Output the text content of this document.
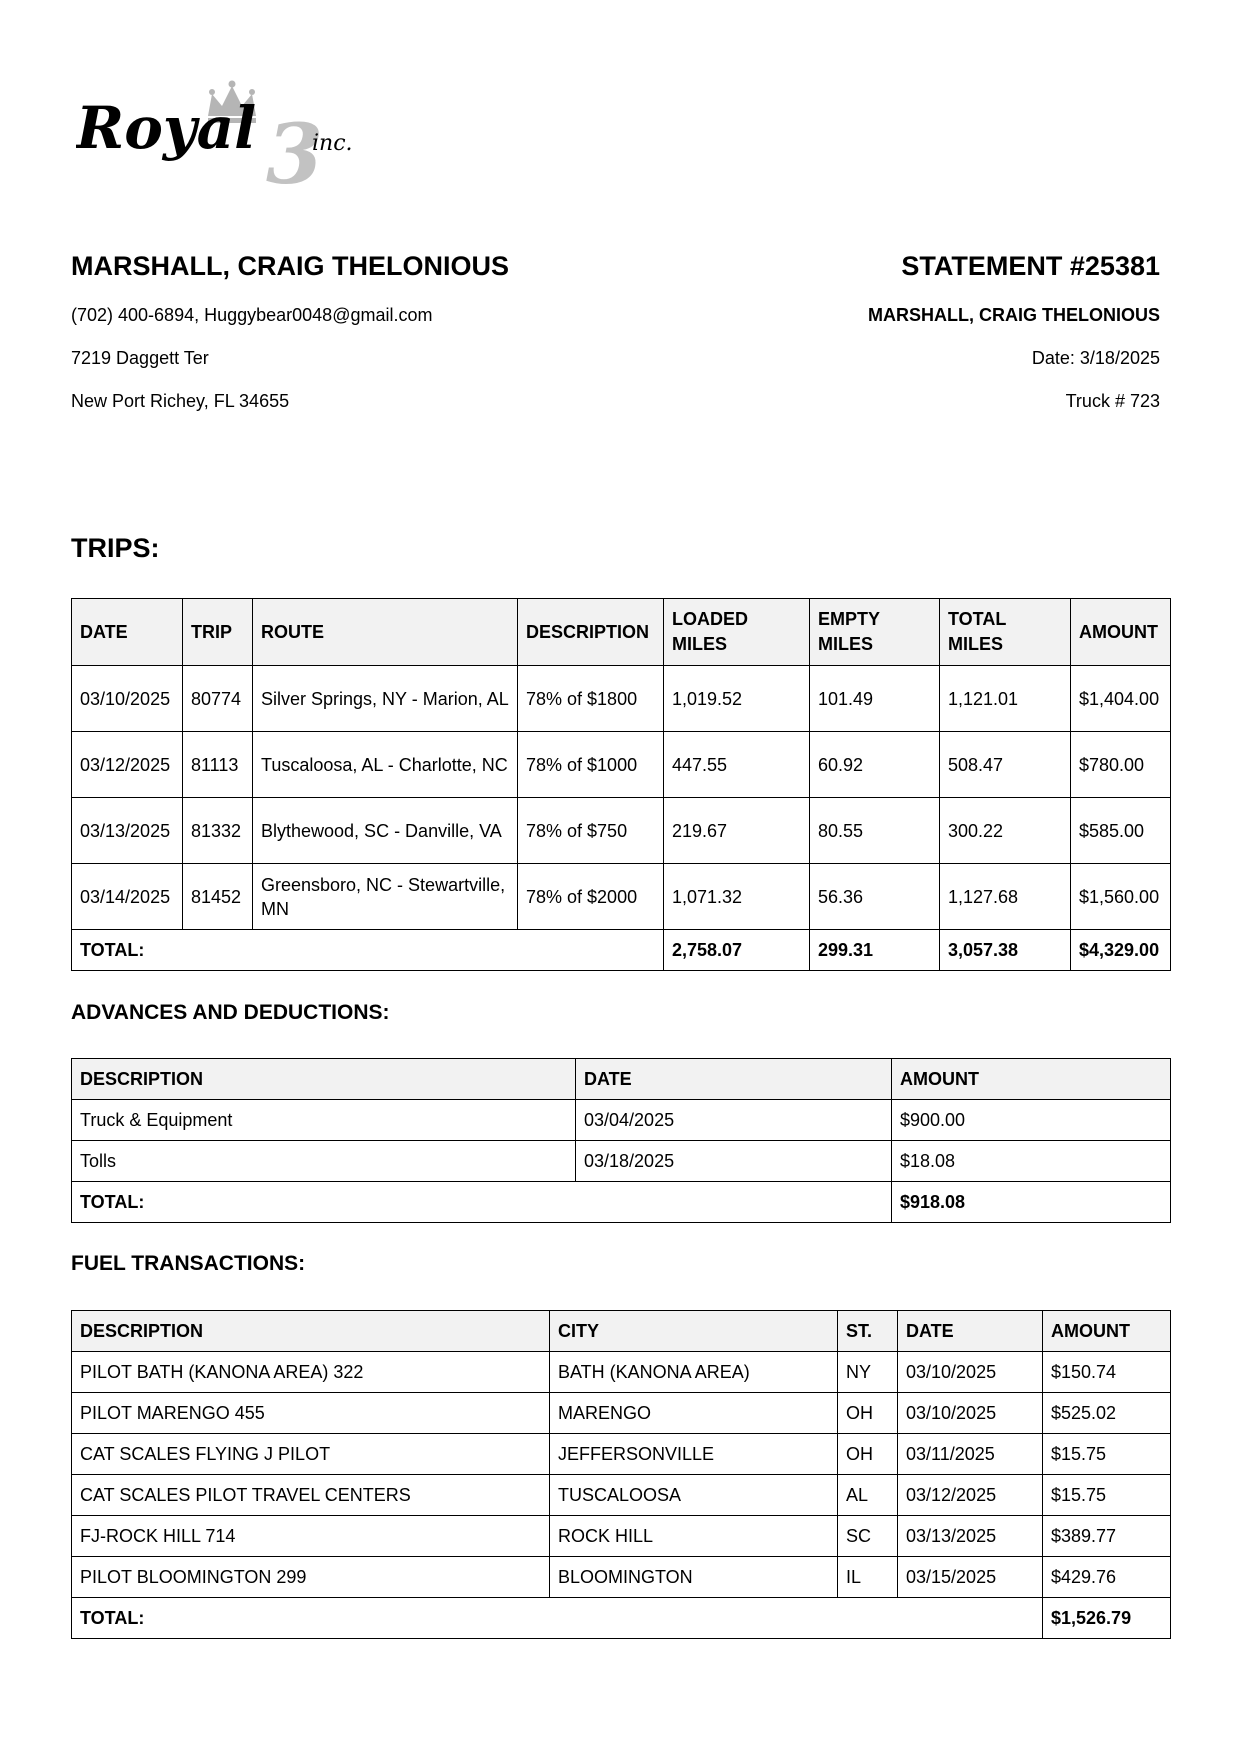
3
Royal	inc.
MARSHALL, CRAIG THELONIOUS

(702) 400-6894, Huggybear0048@gmail.com

7219 Daggett Ter

New Port Richey, FL 34655

STATEMENT #25381

MARSHALL, CRAIG THELONIOUS

Date: 3/18/2025

Truck # 723

TRIPS:
DATE	TRIP	ROUTE	DESCRIPTION	LOADED MILES	EMPTY MILES	TOTAL MILES	AMOUNT
03/10/2025	80774	Silver Springs, NY - Marion, AL	78% of $1800	1,019.52	101.49	1,121.01	$1,404.00
03/12/2025	81113	Tuscaloosa, AL - Charlotte, NC	78% of $1000	447.55	60.92	508.47	$780.00
03/13/2025	81332	Blythewood, SC - Danville, VA	78% of $750	219.67	80.55	300.22	$585.00
03/14/2025	81452	Greensboro, NC - Stewartville, MN	78% of $2000	1,071.32	56.36	1,127.68	$1,560.00
TOTAL:				2,758.07	299.31	3,057.38	$4,329.00
ADVANCES AND DEDUCTIONS:
DESCRIPTION	DATE	AMOUNT
Truck & Equipment	03/04/2025	$900.00
Tolls	03/18/2025	$18.08
TOTAL:		$918.08
FUEL TRANSACTIONS:
DESCRIPTION	CITY	ST.	DATE	AMOUNT
PILOT BATH (KANONA AREA) 322	BATH (KANONA AREA)	NY	03/10/2025	$150.74
PILOT MARENGO 455	MARENGO	OH	03/10/2025	$525.02
CAT SCALES FLYING J PILOT	JEFFERSONVILLE	OH	03/11/2025	$15.75
CAT SCALES PILOT TRAVEL CENTERS	TUSCALOOSA	AL	03/12/2025	$15.75
FJ-ROCK HILL 714	ROCK HILL	SC	03/13/2025	$389.77
PILOT BLOOMINGTON 299	BLOOMINGTON	IL	03/15/2025	$429.76
TOTAL:				$1,526.79
